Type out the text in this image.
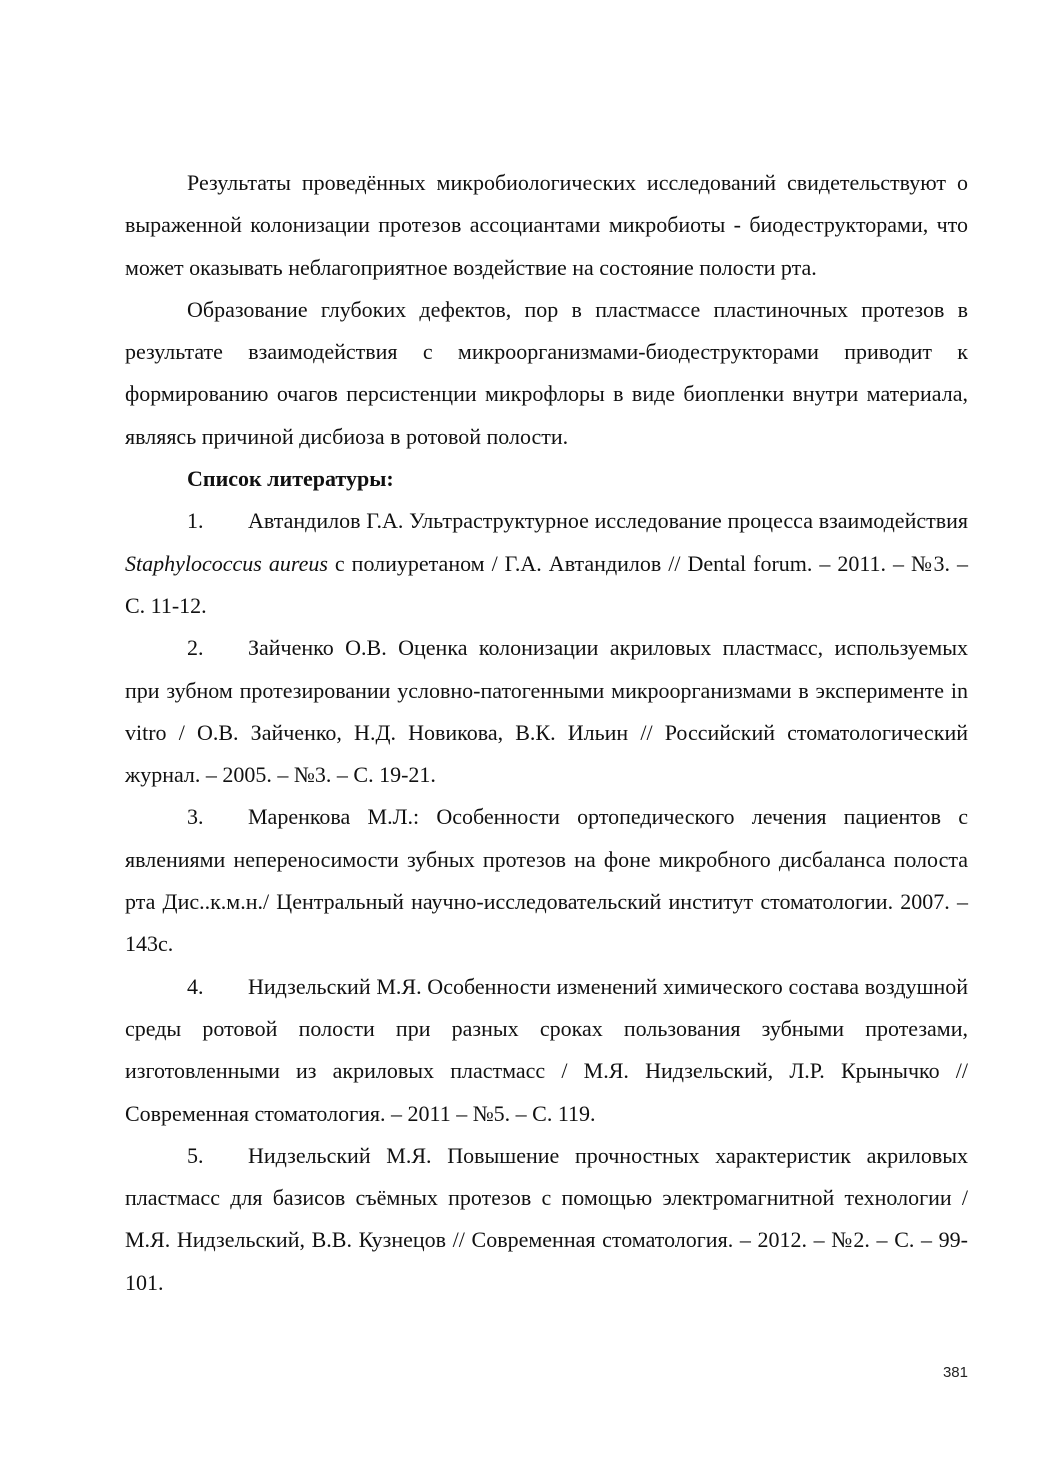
Результаты проведённых микробиологических исследований свидетельствуют о выраженной колонизации протезов ассоциантами микробиоты - биодеструкторами, что может оказывать неблагоприятное воздействие на состояние полости рта.

Образование глубоких дефектов, пор в пластмассе пластиночных протезов в результате взаимодействия с микроорганизмами-биодеструкторами приводит к формированию очагов персистенции микрофлоры в виде биопленки внутри материала, являясь причиной дисбиоза в ротовой полости.

Список литературы:

1. Автандилов Г.А. Ультраструктурное исследование процесса взаимодействия Staphylococcus aureus с полиуретаном / Г.А. Автандилов // Dental forum. – 2011. – №3. – С. 11-12.

2. Зайченко О.В. Оценка колонизации акриловых пластмасс, используемых при зубном протезировании условно-патогенными микроорганизмами в эксперименте in vitro / О.В. Зайченко, Н.Д. Новикова, В.К. Ильин // Российский стоматологический журнал. – 2005. – №3. – С. 19-21.

3. Маренкова М.Л.: Особенности ортопедического лечения пациентов с явлениями непереносимости зубных протезов на фоне микробного дисбаланса полоста рта Дис..к.м.н./ Центральный научно-исследовательский институт стоматологии. 2007. – 143с.

4. Нидзельский М.Я. Особенности изменений химического состава воздушной среды ротовой полости при разных сроках пользования зубными протезами, изготовленными из акриловых пластмасс / М.Я. Нидзельский, Л.Р. Крынычко // Современная стоматология. – 2011 – №5. – С. 119.

5. Нидзельский М.Я. Повышение прочностных характеристик акриловых пластмасс для базисов съёмных протезов с помощью электромагнитной технологии / М.Я. Нидзельский, В.В. Кузнецов // Современная стоматология. – 2012. – №2. – С. – 99-101.

381
